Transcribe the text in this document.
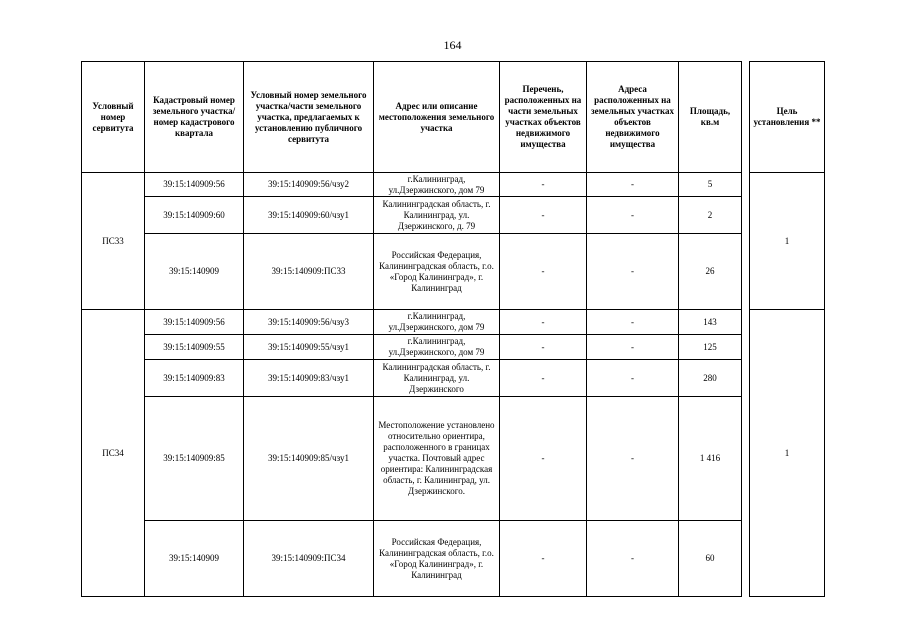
164
Условный номер сервитута	Кадастровый номер земельного участка/номер кадастрового квартала	Условный номер земельного участка/части земельного участка, предлагаемых к установлению публичного сервитута	Адрес или описание местоположения земельного участка	Перечень, расположенных на части земельных участках объектов недвижимого имущества	Адреса расположенных на земельных участках объектов недвижимого имущества	Площадь, кв.м		Цель установления **
ПС33	39:15:140909:56	39:15:140909:56/чзу2	г.Калининград, ул.Дзержинского, дом 79	-	-	5		1
	39:15:140909:60	39:15:140909:60/чзу1	Калининградская область, г. Калининград, ул. Дзержинского, д. 79	-	-	2		
	39:15:140909	39:15:140909:ПС33	Российская Федерация, Калининградская область, г.о. «Город Калининград», г. Калининград	-	-	26		
ПС34	39:15:140909:56	39:15:140909:56/чзу3	г.Калининград, ул.Дзержинского, дом 79	-	-	143		1
	39:15:140909:55	39:15:140909:55/чзу1	г.Калининград, ул.Дзержинского, дом 79	-	-	125		
	39:15:140909:83	39:15:140909:83/чзу1	Калининградская область, г. Калининград, ул. Дзержинского	-	-	280		
	39:15:140909:85	39:15:140909:85/чзу1	Местоположение установлено относительно ориентира, расположенного в границах участка. Почтовый адрес ориентира: Калининградская область, г. Калининград, ул. Дзержинского.	-	-	1 416		
	39:15:140909	39:15:140909:ПС34	Российская Федерация, Калининградская область, г.о. «Город Калининград», г. Калининград	-	-	60		
